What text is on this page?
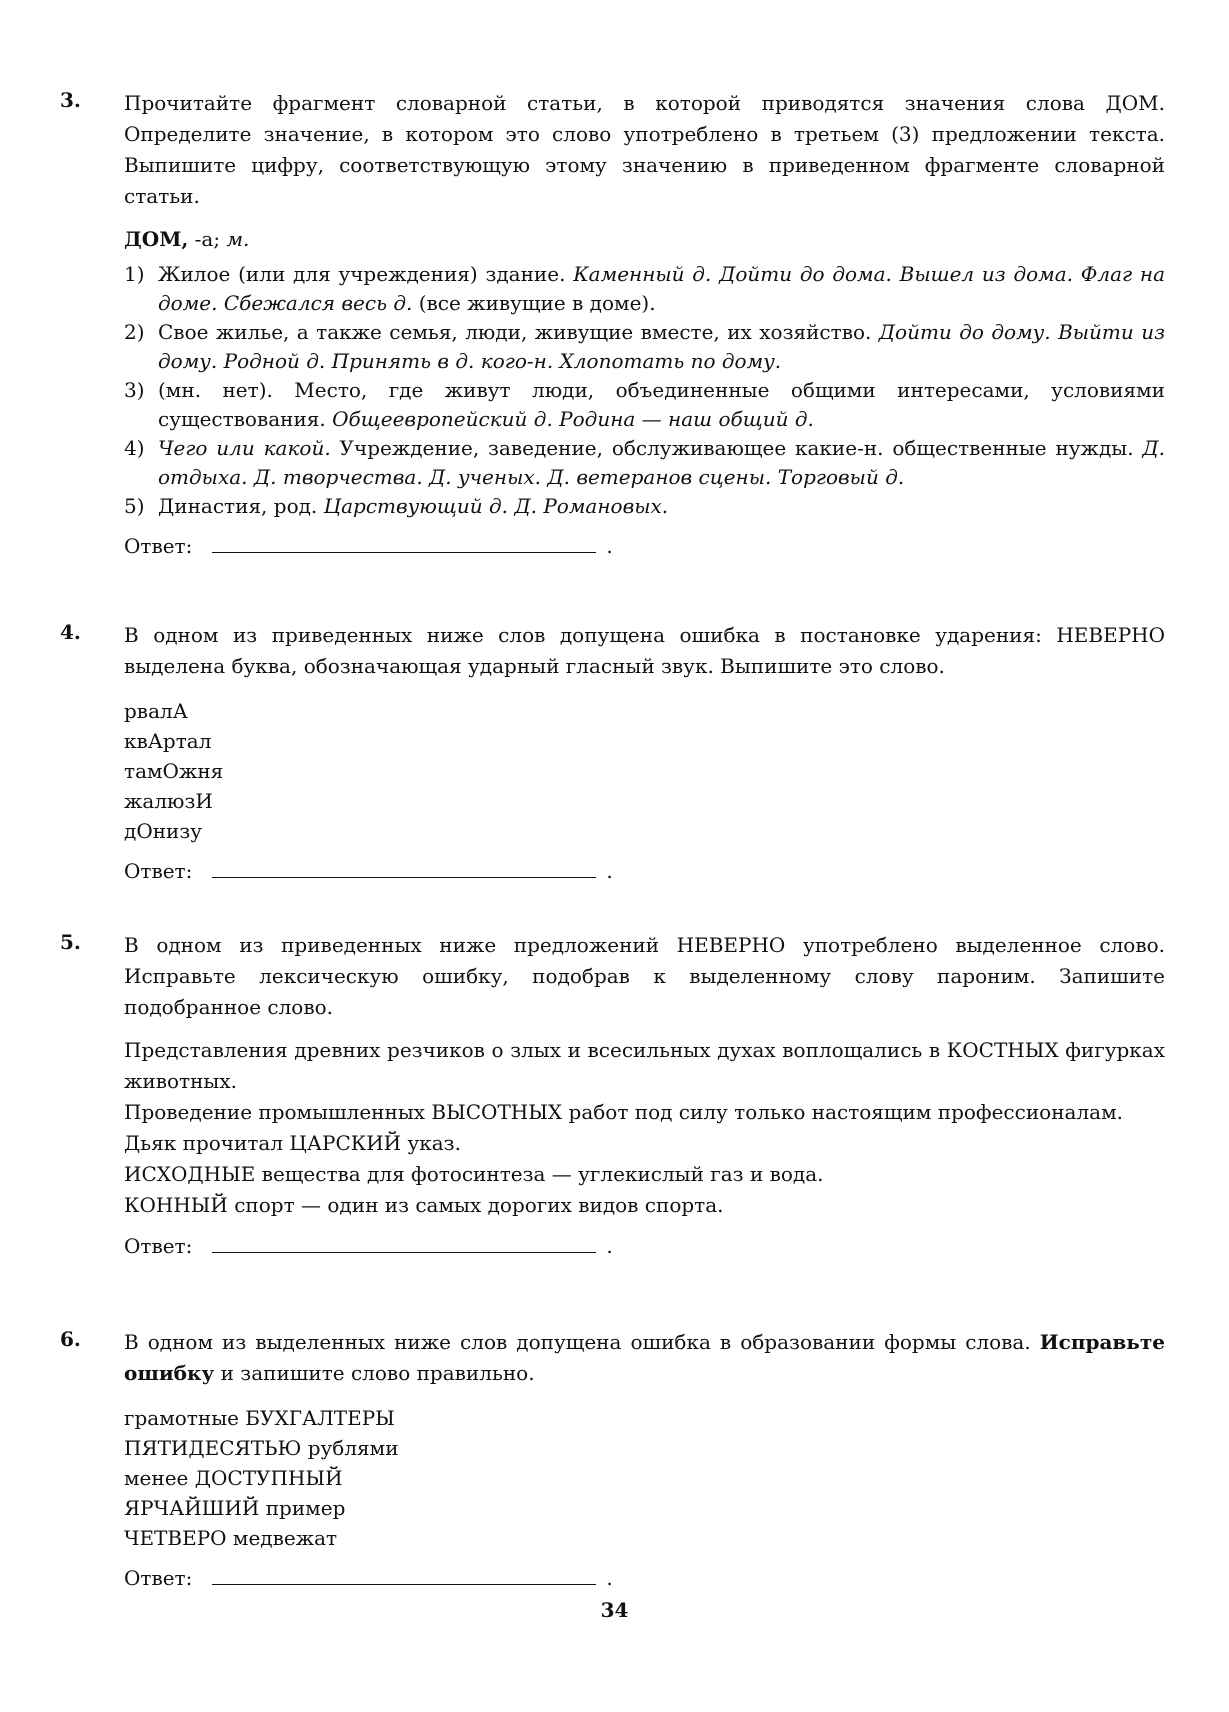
3. Прочитайте фрагмент словарной статьи, в которой приводятся значения слова ДОМ. Определите значение, в котором это слово употреблено в третьем (3) предложении текста. Выпишите цифру, соответствующую этому значению в приведенном фрагменте словарной статьи.

ДОМ, -а; м.
1) Жилое (или для учреждения) здание. Каменный д. Дойти до дома. Вышел из дома. Флаг на доме. Сбежался весь д. (все живущие в доме).
2) Свое жилье, а также семья, люди, живущие вместе, их хозяйство. Дойти до дому. Выйти из дому. Родной д. Принять в д. кого-н. Хлопотать по дому.
3) (мн. нет). Место, где живут люди, объединенные общими интересами, условиями существования. Общеевропейский д. Родина — наш общий д.
4) Чего или какой. Учреждение, заведение, обслуживающее какие-н. общественные нужды. Д. отдыха. Д. творчества. Д. ученых. Д. ветеранов сцены. Торговый д.
5) Династия, род. Царствующий д. Д. Романовых.
Ответ:	.
4. В одном из приведенных ниже слов допущена ошибка в постановке ударения: НЕВЕРНО выделена буква, обозначающая ударный гласный звук. Выпишите это слово.

рвалА
квАртал
тамОжня
жалюзИ
дОнизу
Ответ:	.
5. В одном из приведенных ниже предложений НЕВЕРНО употреблено выделенное слово. Исправьте лексическую ошибку, подобрав к выделенному слову пароним. Запишите подобранное слово.

Представления древних резчиков о злых и всесильных духах воплощались в КОСТНЫХ фигурках животных.

Проведение промышленных ВЫСОТНЫХ работ под силу только настоящим профессионалам.

Дьяк прочитал ЦАРСКИЙ указ.

ИСХОДНЫЕ вещества для фотосинтеза — углекислый газ и вода.

КОННЫЙ спорт — один из самых дорогих видов спорта.

Ответ:	.
6. В одном из выделенных ниже слов допущена ошибка в образовании формы слова. Исправьте ошибку и запишите слово правильно.

грамотные БУХГАЛТЕРЫ
ПЯТИДЕСЯТЬЮ рублями
менее ДОСТУПНЫЙ
ЯРЧАЙШИЙ пример
ЧЕТВЕРО медвежат
Ответ:	.
34
